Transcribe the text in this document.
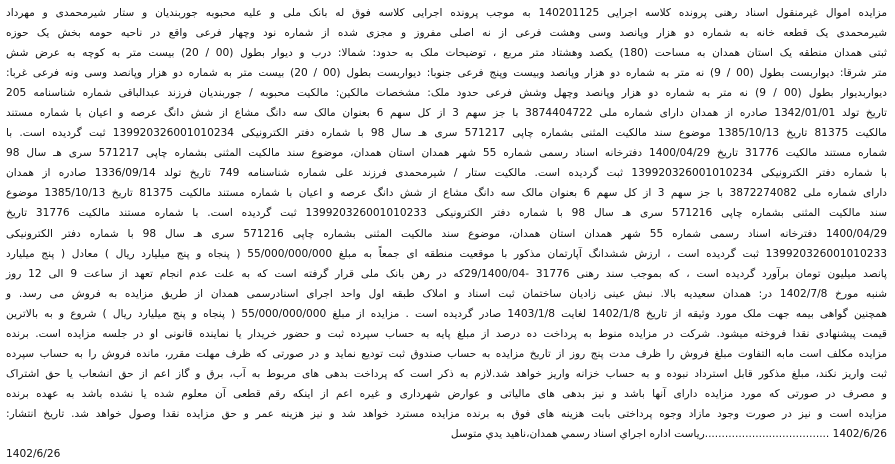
مزایده اموال غیرمنقول اسناد رهنی پرونده کلاسه اجرایی 140201125 به موجب پرونده اجرایی کلاسه فوق له بانک ملی و علیه محبوبه جوربندیان و ستار شیرمحمدی و مهرداد
شیرمحمدی یک قطعه خانه به شماره دو هزار وپانصد وسی وهشت فرعی از نه اصلی مفروز و مجزی شده از شماره نود وچهار فرعی واقع در ناحیه حومه بخش یک حوزه
ثبتی همدان منطقه یک استان همدان به مساحت (180) یکصد وهشتاد متر مربع ، توضیحات ملک به حدود: شمالا: درب و دیوار بطول (00 / 20) بیست متر به کوچه به عرض شش
متر شرقا: دیواربست بطول (00 / 9) نه متر به شماره دو هزار وپانصد وبیست وپنج فرعی جنوبا: دیواربست بطول (00 / 20) بیست متر به شماره دو هزار وپانصد وسی ونه فرعی غربا:
دیواربدیوار بطول (00 / 9) نه متر به شماره دو هزار وپانصد وچهل وشش فرعی حدود ملک: مشخصات مالکین: مالکیت محبوبه / جوربندیان فرزند عبدالباقی شماره شناسنامه 205
تاریخ تولد 1342/01/01 صادره از همدان دارای شماره ملی 3874404722 با جز سهم 3 از کل سهم 6 بعنوان مالک سه دانگ مشاع از شش دانگ عرصه و اعیان با شماره مستند
مالکیت 81375 تاریخ 1385/10/13 موضوع سند مالکیت المثنی بشماره چاپی 571217 سری هـ سال 98 با شماره دفتر الکترونیکی 139920326001010234 ثبت گردیده است. با
شماره مستند مالکیت 31776 تاریخ 1400/04/29 دفترخانه اسناد رسمی شماره 55 شهر همدان استان همدان، موضوع سند مالکیت المثنی بشماره چاپی 571217 سری هـ سال 98
با شماره دفتر الکترونیکی 139920326001010234 ثبت گردیده است. مالکیت ستار / شیرمحمدی فرزند علی شماره شناسنامه 749 تاریخ تولد 1336/09/14 صادره از همدان
دارای شماره ملی 3872274082 با جز سهم 3 از کل سهم 6 بعنوان مالک سه دانگ مشاع از شش دانگ عرصه و اعیان با شماره مستند مالکیت 81375 تاریخ 1385/10/13 موضوع
سند مالکیت المثنی بشماره چاپی 571216 سری هـ سال 98 با شماره دفتر الکترونیکی 139920326001010233 ثبت گردیده است. با شماره مستند مالکیت 31776 تاریخ
1400/04/29 دفترخانه اسناد رسمی شماره 55 شهر همدان استان همدان، موضوع سند مالکیت المثنی بشماره چاپی 571216 سری هـ سال 98 با شماره دفتر الکترونیکی
139920326001010233 ثبت گردیده است ، ارزش ششدانگ آپارتمان مذکور با موقعیت منطقه ای جمعاً به مبلغ 55/000/000/000 ( پنجاه و پنج میلیارد ریال ) معادل ( پنج میلیارد
پانصد میلیون تومان برآورد گردیده است ، که بموجب سند رهنی 31776 -29/1400/04که در رهن بانک ملی قرار گرفته است که به علت عدم انجام تعهد از ساعت 9 الی 12 روز
شنبه مورخ 1402/7/8 در: همدان سعیدیه بالا. نبش عینی زادیان ساختمان ثبت اسناد و املاک طبقه اول واحد اجرای اسنادرسمی همدان از طریق مزایده به فروش می رسد. و
همچنین گواهی بیمه جهت ملک مورد وثیقه از تاریخ 1402/1/8 لغایت 1403/1/8 صادر گردیده است . مزایده از مبلغ 55/000/000/000 ( پنجاه و پنج میلیارد ریال ) شروع و به بالاترین
قیمت پیشنهادی نقدا فروخته میشود. شرکت در مزایده منوط به پرداخت ده درصد از مبلغ پایه به حساب سپرده ثبت و حضور خریدار یا نماینده قانونی او در جلسه مزایده است. برنده
مزایده مکلف است مابه التفاوت مبلغ فروش را ظرف مدت پنج روز از تاریخ مزایده به حساب صندوق ثبت تودیع نماید و در صورتی که ظرف مهلت مقرر، مانده فروش را به حساب سپرده
ثبت واریز نکند، مبلغ مذکور قابل استرداد نبوده و به حساب خزانه واریز خواهد شد.لازم به ذکر است که پرداخت بدهی های مربوط به آب، برق و گاز اعم از حق انشعاب یا حق اشتراک
و مصرف در صورتی که مورد مزایده دارای آنها باشد و نیز بدهی های مالیاتی و عوارض شهرداری و غیره اعم از اینکه رقم قطعی آن معلوم شده یا نشده باشد به عهده برنده
مزایده است و نیز در صورت وجود مازاد وجوه پرداختی بابت هزینه های فوق به برنده مزایده مسترد خواهد شد و نیز هزینه عمر و حق مزایده نقدا وصول خواهد شد. تاریخ انتشار:
1402/6/26 .....................................رياست اداره اجراي اسناد رسمي همدان،ناهيد يدي متوسل
1402/6/26
